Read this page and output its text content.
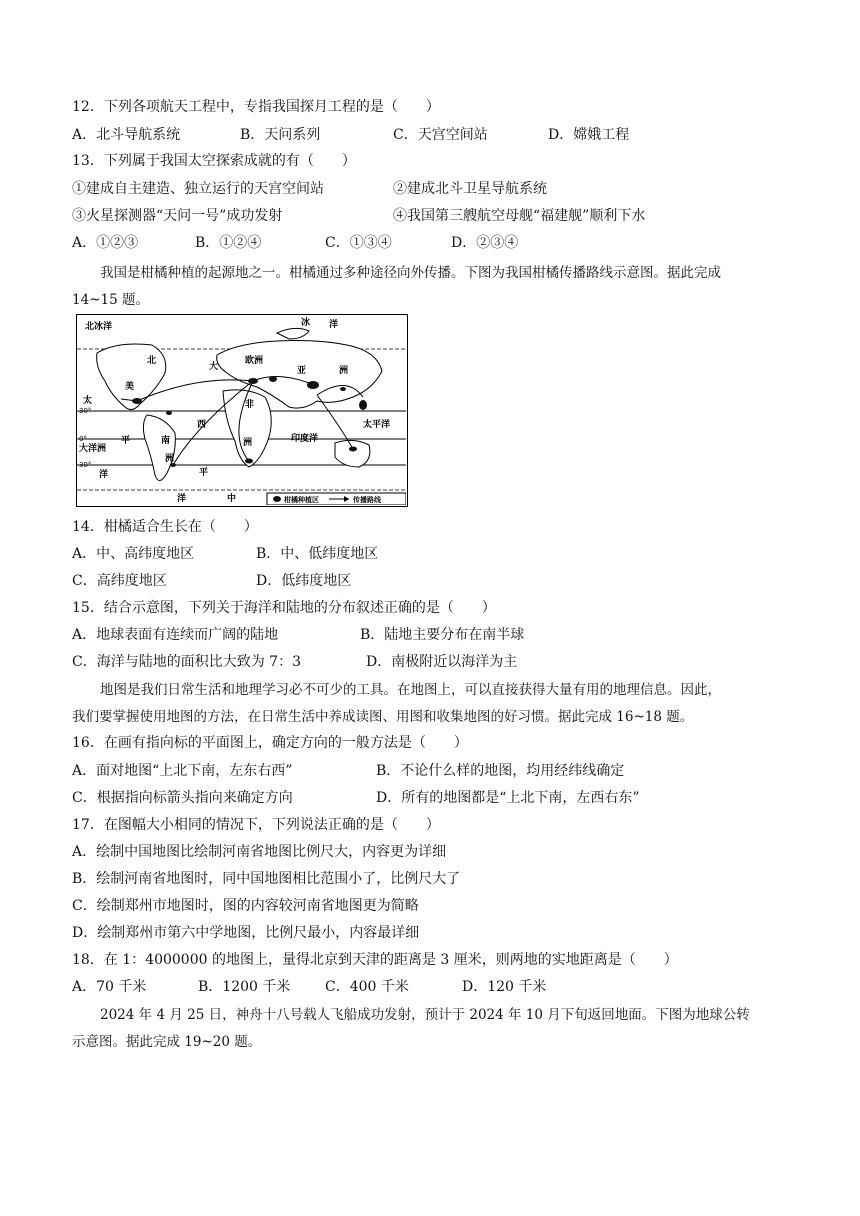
12．下列各项航天工程中，专指我国探月工程的是（　　）
A．北斗导航系统	B．天问系列	C．天宫空间站	D．嫦娥工程
13．下列属于我国太空探索成就的有（　　）
①建成自主建造、独立运行的天宫空间站	②建成北斗卫星导航系统
③火星探测器“天问一号”成功发射	④我国第三艘航空母舰“福建舰”顺利下水
A．①②③	B．①②④	C．①③④	D．②③④
我国是柑橘种植的起源地之一。柑橘通过多种途径向外传播。下图为我国柑橘传播路线示意图。据此完成
14~15 题。
北冰洋	冰 洋
北
大
欧洲
亚	洲
美
太
西
非
平
洋
大洋洲
平
洲
太平洋
印度洋
洋
南
中
洲
30°
0°
30°
柑橘种植区	传播路线
14．柑橘适合生长在（　　）
A．中、高纬度地区	B．中、低纬度地区
C．高纬度地区	D．低纬度地区
15．结合示意图，下列关于海洋和陆地的分布叙述正确的是（　　）
A．地球表面有连续而广阔的陆地	B．陆地主要分布在南半球
C．海洋与陆地的面积比大致为 7：3	D．南极附近以海洋为主
地图是我们日常生活和地理学习必不可少的工具。在地图上，可以直接获得大量有用的地理信息。因此，
我们要掌握使用地图的方法，在日常生活中养成读图、用图和收集地图的好习惯。据此完成 16~18 题。
16．在画有指向标的平面图上，确定方向的一般方法是（　　）
A．面对地图“上北下南，左东右西”	B．不论什么样的地图，均用经纬线确定
C．根据指向标箭头指向来确定方向	D．所有的地图都是“上北下南，左西右东”
17．在图幅大小相同的情况下，下列说法正确的是（　　）
A．绘制中国地图比绘制河南省地图比例尺大，内容更为详细
B．绘制河南省地图时，同中国地图相比范围小了，比例尺大了
C．绘制郑州市地图时，图的内容较河南省地图更为简略
D．绘制郑州市第六中学地图，比例尺最小，内容最详细
18．在 1：4000000 的地图上，量得北京到天津的距离是 3 厘米，则两地的实地距离是（　　）
A．70 千米	B．1200 千米 C．400 千米	D．120 千米
2024 年 4 月 25 日，神舟十八号载人飞船成功发射，预计于 2024 年 10 月下旬返回地面。下图为地球公转
示意图。据此完成 19~20 题。
